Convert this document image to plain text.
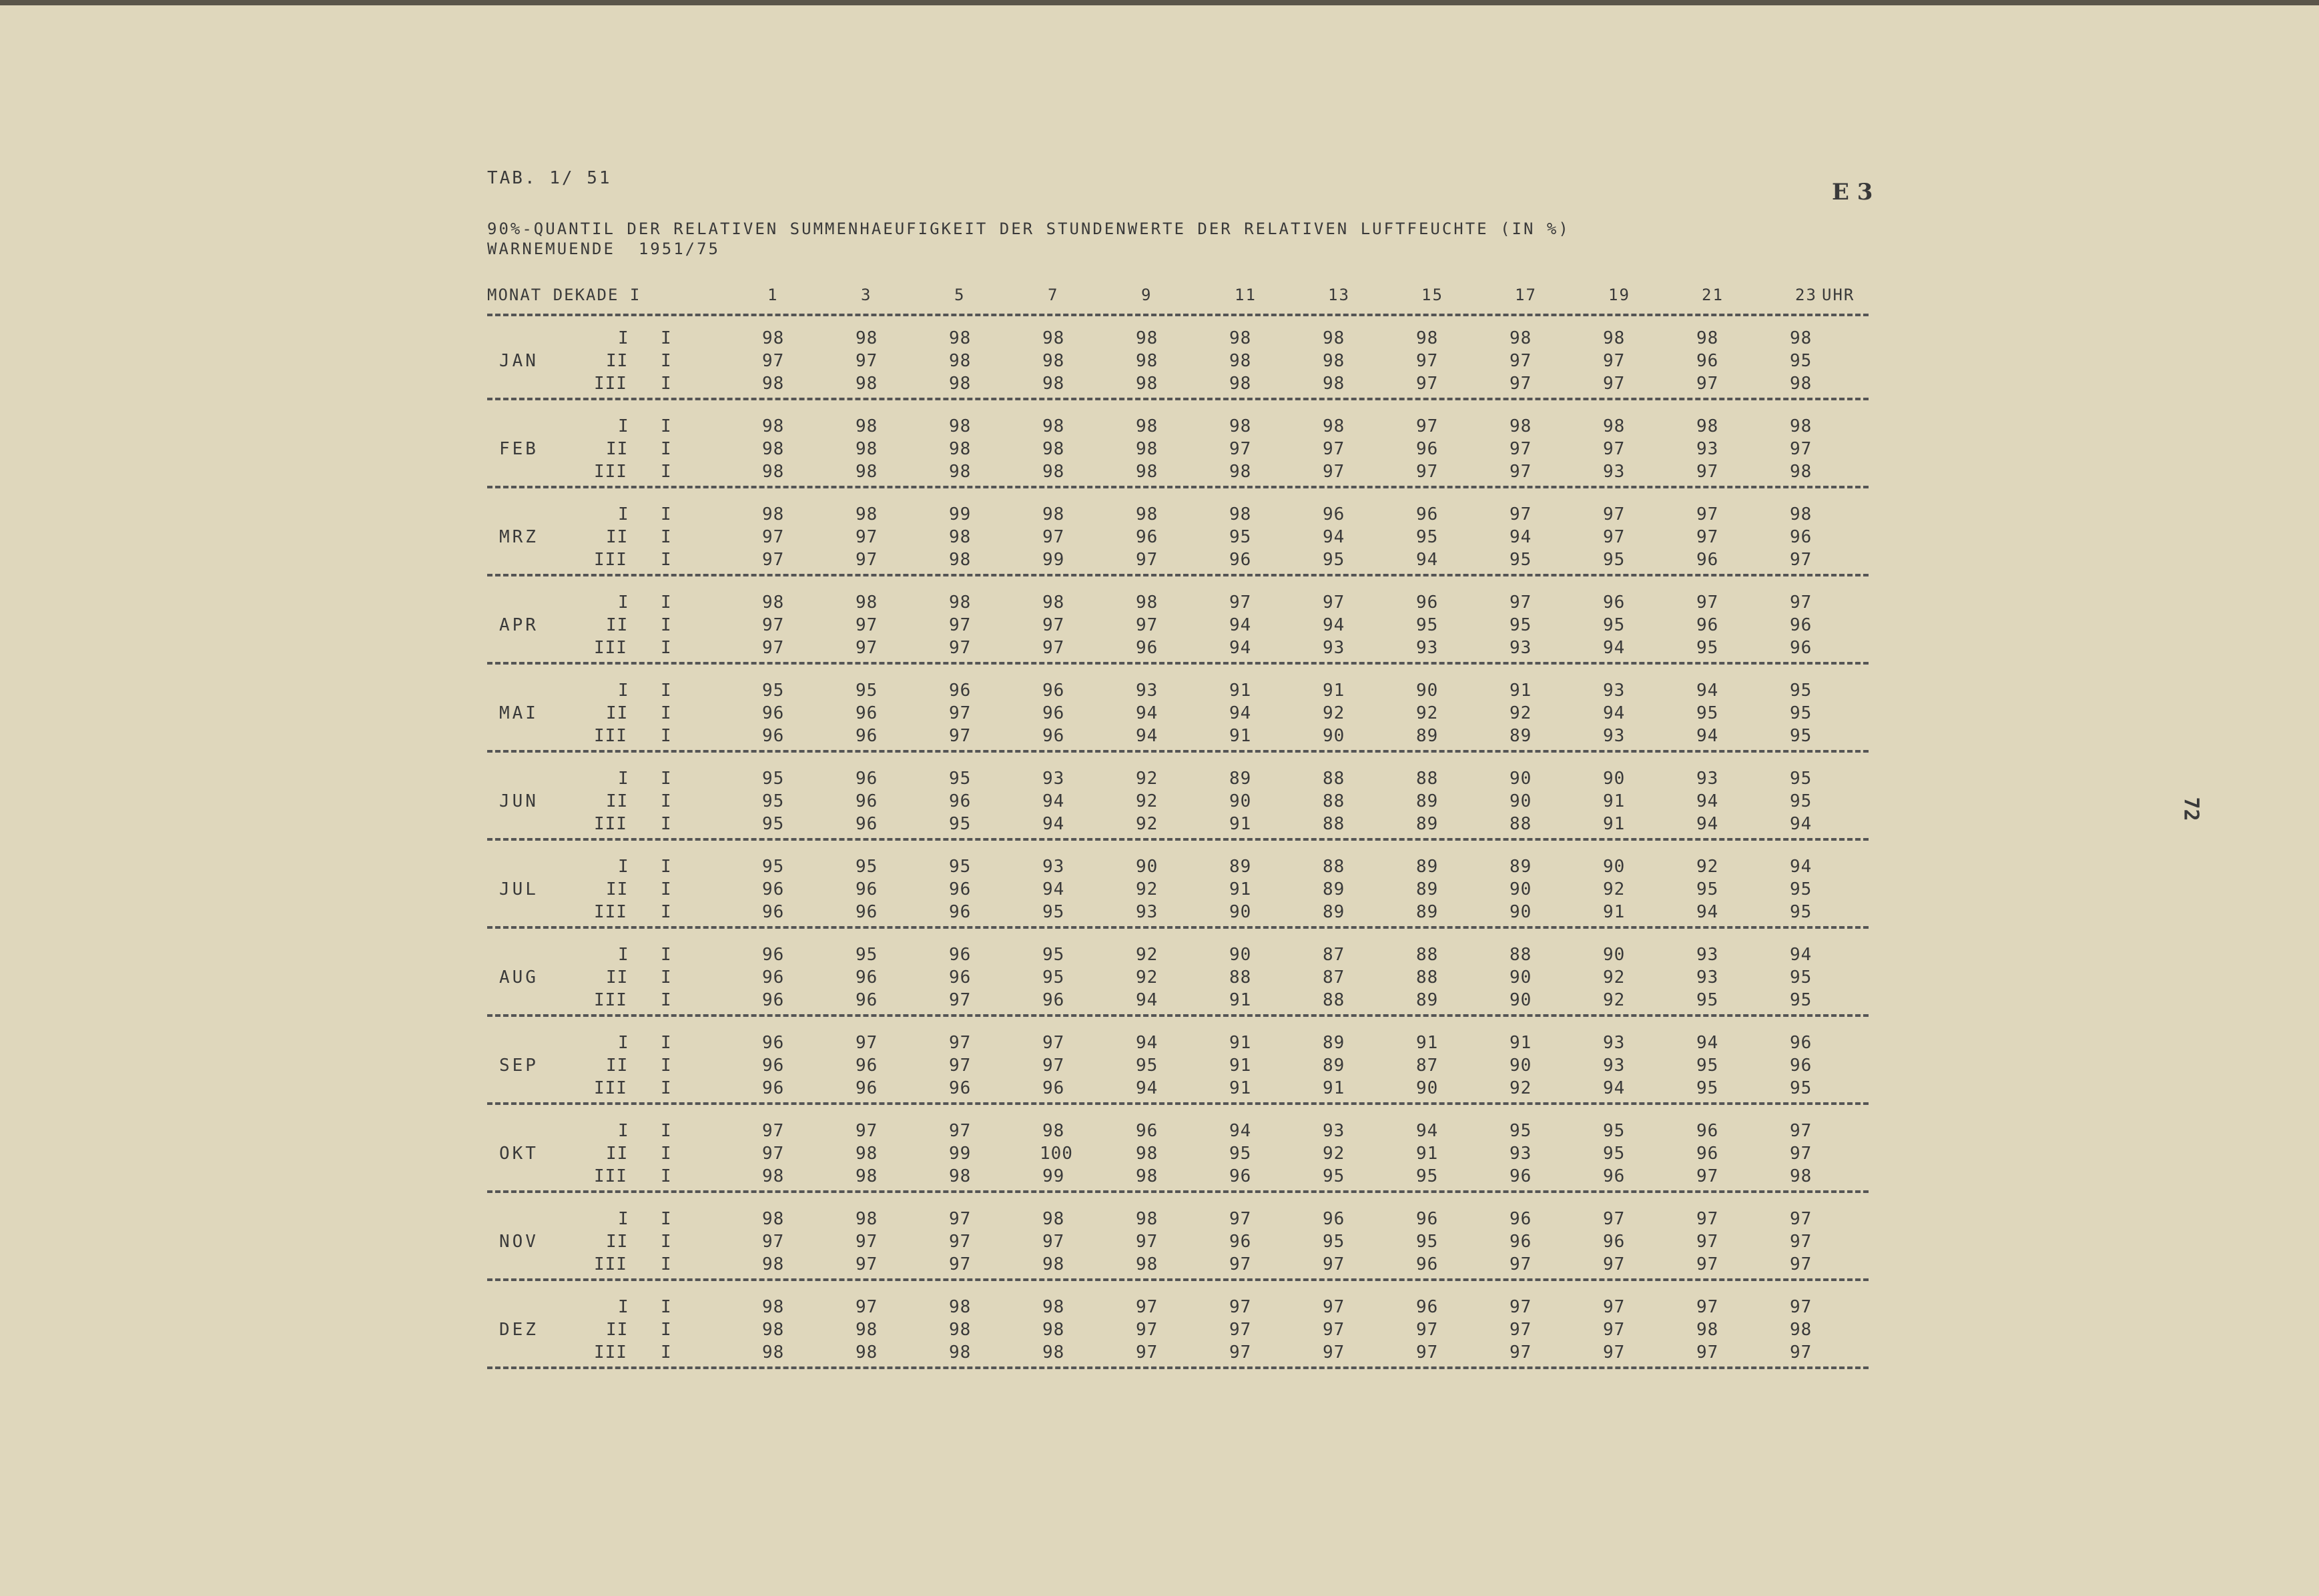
TAB. 1/ 51
E 3
72
90%-QUANTIL DER RELATIVEN SUMMENHAEUFIGKEIT DER STUNDENWERTE DER RELATIVEN LUFTFEUCHTE (IN %)
WARNEMUENDE  1951/75
MONAT DEKADE I	1	3	5	7	9	11	13	15	17	19	21	23 UHR
I I	98	98	98	98	98	98	98	98	98	98	98	98
JAN	II I	97	97	98	98	98	98	98	97	97	97	96	95
III I	98	98	98	98	98	98	98	97	97	97	97	98
I I	98	98	98	98	98	98	98	97	98	98	98	98
FEB	II I	98	98	98	98	98	97	97	96	97	97	93	97
III I	98	98	98	98	98	98	97	97	97	93	97	98
I I	98	98	99	98	98	98	96	96	97	97	97	98
MRZ	II I	97	97	98	97	96	95	94	95	94	97	97	96
III I	97	97	98	99	97	96	95	94	95	95	96	97
I I	98	98	98	98	98	97	97	96	97	96	97	97
APR	II I	97	97	97	97	97	94	94	95	95	95	96	96
III I	97	97	97	97	96	94	93	93	93	94	95	96
I I	95	95	96	96	93	91	91	90	91	93	94	95
MAI	II I	96	96	97	96	94	94	92	92	92	94	95	95
III I	96	96	97	96	94	91	90	89	89	93	94	95
I I	95	96	95	93	92	89	88	88	90	90	93	95
JUN	II I	95	96	96	94	92	90	88	89	90	91	94	95
III I	95	96	95	94	92	91	88	89	88	91	94	94
I I	95	95	95	93	90	89	88	89	89	90	92	94
JUL	II I	96	96	96	94	92	91	89	89	90	92	95	95
III I	96	96	96	95	93	90	89	89	90	91	94	95
I I	96	95	96	95	92	90	87	88	88	90	93	94
AUG	II I	96	96	96	95	92	88	87	88	90	92	93	95
III I	96	96	97	96	94	91	88	89	90	92	95	95
I I	96	97	97	97	94	91	89	91	91	93	94	96
SEP	II I	96	96	97	97	95	91	89	87	90	93	95	96
III I	96	96	96	96	94	91	91	90	92	94	95	95
I I	97	97	97	98	96	94	93	94	95	95	96	97
OKT	II I	97	98	99	100	98	95	92	91	93	95	96	97
III I	98	98	98	99	98	96	95	95	96	96	97	98
I I	98	98	97	98	98	97	96	96	96	97	97	97
NOV	II I	97	97	97	97	97	96	95	95	96	96	97	97
III I	98	97	97	98	98	97	97	96	97	97	97	97
I I	98	97	98	98	97	97	97	96	97	97	97	97
DEZ	II I	98	98	98	98	97	97	97	97	97	97	98	98
III I	98	98	98	98	97	97	97	97	97	97	97	97
